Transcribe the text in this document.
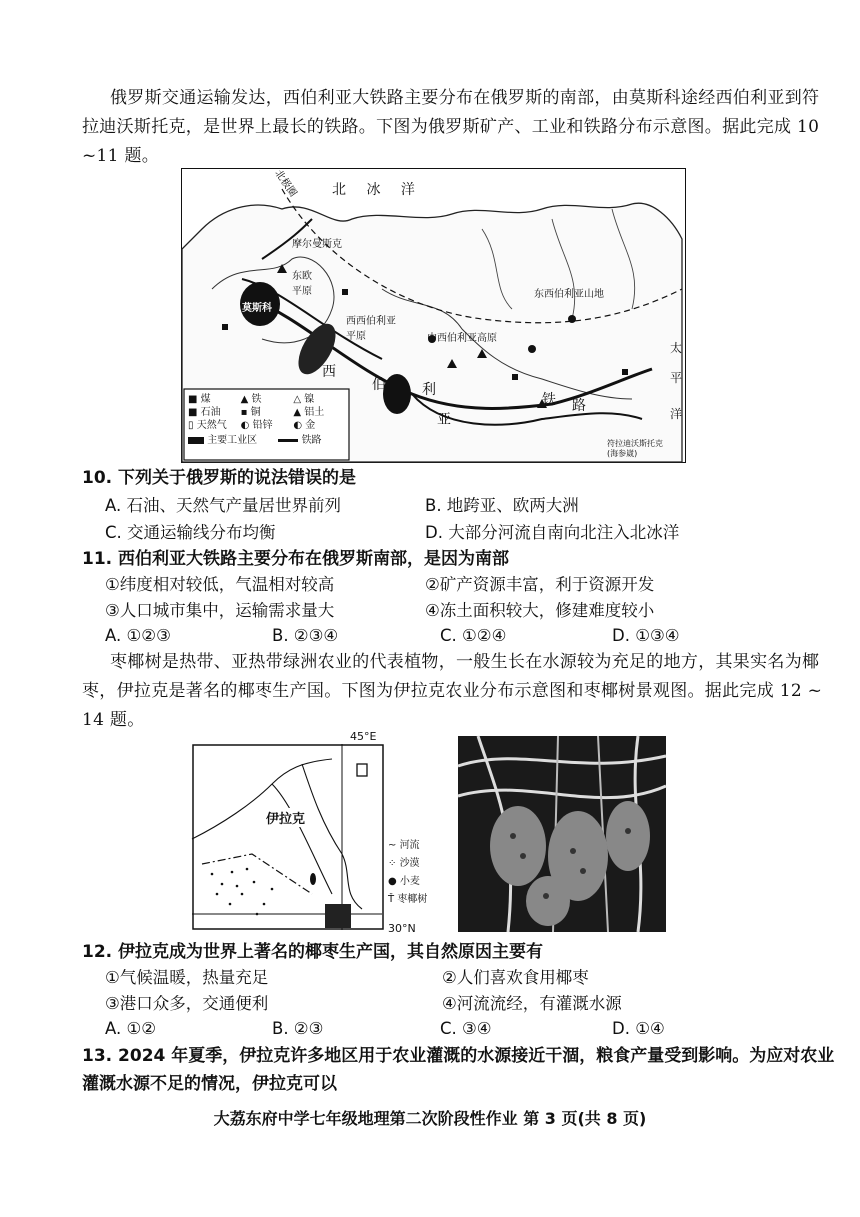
俄罗斯交通运输发达，西伯利亚大铁路主要分布在俄罗斯的南部，由莫斯科途经西伯利亚到符
拉迪沃斯托克，是世界上最长的铁路。下图为俄罗斯矿产、工业和铁路分布示意图。据此完成 10
~11 题。
北 冰 洋
北极圈
摩尔曼斯克
东欧
平原
西西伯利亚
平原	中西伯利亚高原
东西伯利亚山地
莫斯科
太
平
洋
西
伯	利
亚
铁 路
符拉迪沃斯托克
(海参崴)
■ 煤	▲ 铁	△ 镍
■ 石油	▪ 铜	▲ 铝土
▯ 天然气	◐ 铅锌	◐ 金
主要工业区	铁路
10. 下列关于俄罗斯的说法错误的是
A. 石油、天然气产量居世界前列	B. 地跨亚、欧两大洲
C. 交通运输线分布均衡	D. 大部分河流自南向北注入北冰洋
11. 西伯利亚大铁路主要分布在俄罗斯南部，是因为南部
①纬度相对较低，气温相对较高	②矿产资源丰富，利于资源开发
③人口城市集中，运输需求量大	④冻土面积较大，修建难度较小
A. ①②③	B. ②③④	C. ①②④	D. ①③④
枣椰树是热带、亚热带绿洲农业的代表植物，一般生长在水源较为充足的地方，其果实名为椰
枣，伊拉克是著名的椰枣生产国。下图为伊拉克农业分布示意图和枣椰树景观图。据此完成 12 ~
14 题。
45°E
30°N
伊拉克
~ 河流
⁘ 沙漠
● 小麦
Ť 枣椰树
12. 伊拉克成为世界上著名的椰枣生产国，其自然原因主要有
①气候温暖，热量充足	②人们喜欢食用椰枣
③港口众多，交通便利	④河流流经，有灌溉水源
A. ①②	B. ②③	C. ③④	D. ①④
13. 2024 年夏季，伊拉克许多地区用于农业灌溉的水源接近干涸，粮食产量受到影响。为应对农业
灌溉水源不足的情况，伊拉克可以
大荔东府中学七年级地理第二次阶段性作业 第 3 页(共 8 页)
